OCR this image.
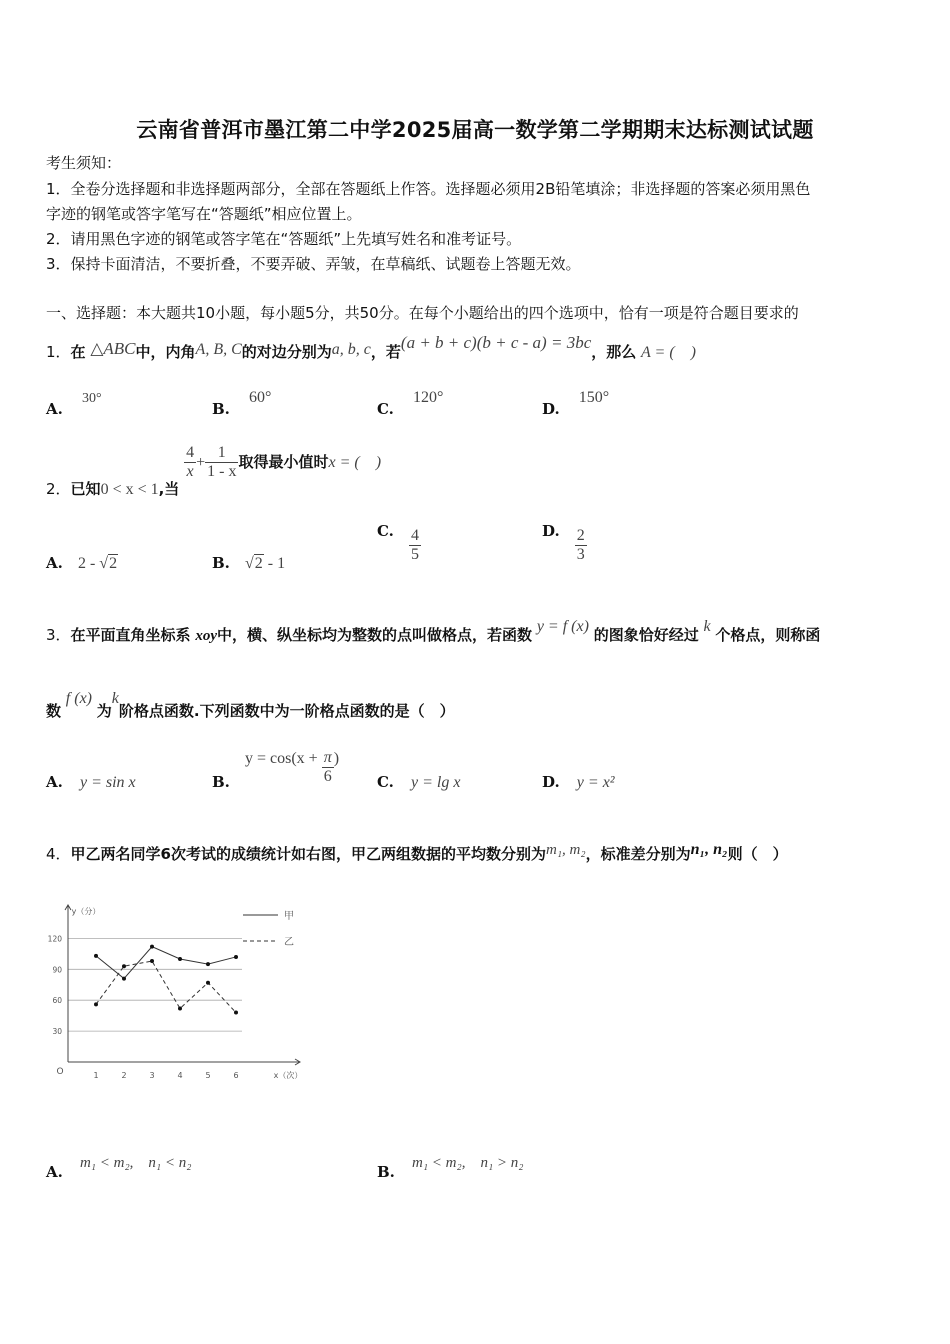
云南省普洱市墨江第二中学2025届高一数学第二学期期末达标测试试题
考生须知：
1．全卷分选择题和非选择题两部分，全部在答题纸上作答。选择题必须用2B铅笔填涂；非选择题的答案必须用黑色
字迹的钢笔或答字笔写在“答题纸”相应位置上。
2．请用黑色字迹的钢笔或答字笔在“答题纸”上先填写姓名和准考证号。
3．保持卡面清洁，不要折叠，不要弄破、弄皱，在草稿纸、试题卷上答题无效。
一、选择题：本大题共10小题，每小题5分，共50分。在每个小题给出的四个选项中，恰有一项是符合题目要求的
1．在 △ABC中，内角A, B, C的对边分别为a, b, c，若(a + b + c)(b + c - a) = 3bc，那么 A = (　)
A. 30°
B. 60°
C. 120°
D. 150°
2．已知0 < x < 1,当
$\frac{4}{x} + \frac{1}{1 - x}$ 取得最小值时x = (　)
A. 2 - √2	B. √2 - 1
C. $\frac{4}{5}$	D. $\frac{2}{3}$
3．在平面直角坐标系 xoy中，横、纵坐标均为整数的点叫做格点，若函数 y = f (x) 的图象恰好经过 k 个格点，则称函
数 f (x) 为k阶格点函数.下列函数中为一阶格点函数的是（　）
A. y = sin x	B. $y = \cos(x + \frac{\pi}{6}$ )
C. y = lg x	D. y = x²
4．甲乙两名同学6次考试的成绩统计如右图，甲乙两组数据的平均数分别为m₁, m₂，标准差分别为n₁, n₂则（　）
30
60
90
120
y（分）
O	x（次）
1	2	3	4	5	6
甲
乙
A. m₁ < m₂,　n₁ < n₂	B. m₁ < m₂,　n₁ > n₂
